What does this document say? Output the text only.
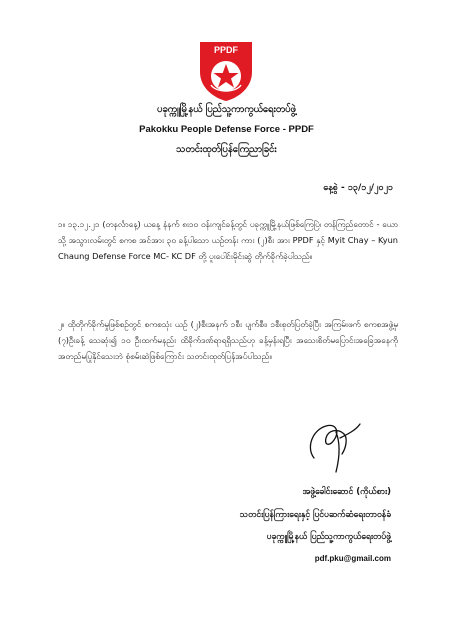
PPDF
ပခုက္ကူမြို့နယ် ပြည်သူ့ကာကွယ်ရေးတပ်ဖွဲ့
Pakokku People Defense Force - PPDF
သတင်းထုတ်ပြန်ကြေညာခြင်း
နေ့စွဲ - ၁၃/၁၂/၂၀၂၁
၁။ ၁၃.၁၂.၂၁ (တနင်္လာနေ့) ယနေ့ နံနက် ၈း၁၀ ဝန်းကျင်ခန့်တွင် ပခုက္ကူမြို့နယ်ဖြစ်ကြေပြဲ၊ တန်ကြည်တောင် - ယောသို့ အသွားလမ်းတွင် စကစ အင်အား ၃၀ ခန့်ပါသော ယဉ်တန်း ကား (၂)စီး အား PPDF နှင့် Myit Chay – Kyun Chaung Defense Force MC- KC DF တို့ ပူးပေါင်းမိုင်းဆွဲ တိုက်ခိုက်ခဲ့ပါသည်။
၂။ ထိုတိုက်ခိုက်မှုဖြစ်စဉ်တွင် စကစသုံး ယဉ် (၂)စီးအနက် ၁စီး ပျက်စီး၊ ၁စီးစုတ်ပြတ်ခဲ့ပြီး အကြမ်းဖက် စကစအဖွဲ့မှ (၇)ဦးခန့် သေဆုံး၍ ၁၀ ဦးထက်မနည်း ထိခိုက်ဒဏ်ရာရရှိသည်ဟု ခန့်မှန်းရပြီး အသေးစိတ်မပြောင်းအခြေအနေကို အတည်မပြုနိုင်သေးဘဲ စုံစမ်းဆဲဖြစ်ကြောင်း သတင်းထုတ်ပြန်အပ်ပါသည်။
အဖွဲ့ခေါင်းဆောင် (ကိုယ်စား)
သတင်းပြန်ကြားရေးနှင့် ပြင်ပဆက်ဆံရေးတာဝန်ခံ
ပခုက္ကူမြို့နယ် ပြည်သူ့ကာကွယ်ရေးတပ်ဖွဲ့
pdf.pku@gmail.com
